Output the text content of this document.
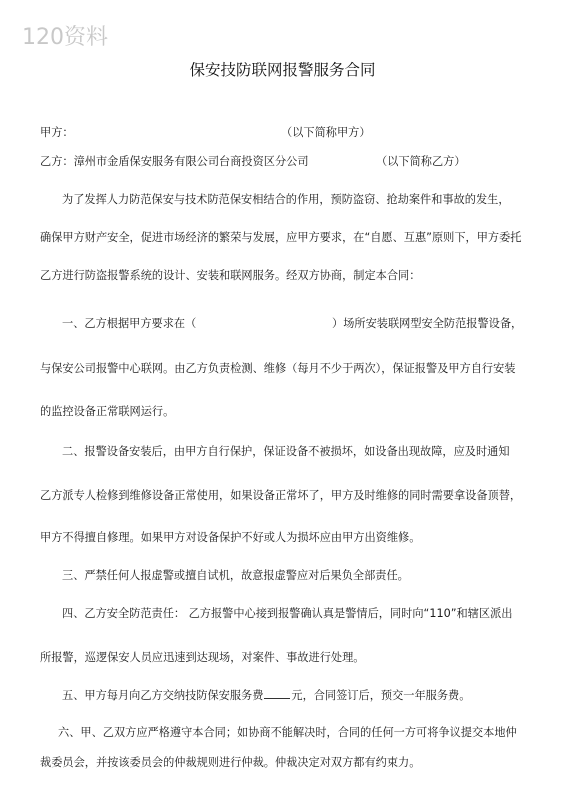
120资料
保安技防联网报警服务合同
甲方：	（以下简称甲方）
乙方：漳州市金盾保安服务有限公司台商投资区分公司	（以下简称乙方）
为了发挥人力防范保安与技术防范保安相结合的作用，预防盗窃、抢劫案件和事故的发生，
确保甲方财产安全，促进市场经济的繁荣与发展，应甲方要求，在“自愿、互惠”原则下，甲方委托
乙方进行防盗报警系统的设计、安装和联网服务。经双方协商，制定本合同：
一、乙方根据甲方要求在（	）场所安装联网型安全防范报警设备，
与保安公司报警中心联网。由乙方负责检测、维修（每月不少于两次），保证报警及甲方自行安装
的监控设备正常联网运行。
二、报警设备安装后，由甲方自行保护，保证设备不被损坏，如设备出现故障，应及时通知
乙方派专人检修到维修设备正常使用，如果设备正常坏了，甲方及时维修的同时需要拿设备顶替，
甲方不得擅自修理。如果甲方对设备保护不好或人为损坏应由甲方出资维修。
三、严禁任何人报虚警或擅自试机，故意报虚警应对后果负全部责任。
四、乙方安全防范责任： 乙方报警中心接到报警确认真是警情后，同时向“110”和辖区派出
所报警，巡逻保安人员应迅速到达现场，对案件、事故进行处理。
五、甲方每月向乙方交纳技防保安服务费	元，合同签订后，预交一年服务费。
六、甲、乙双方应严格遵守本合同；如协商不能解决时，合同的任何一方可将争议提交本地仲
裁委员会，并按该委员会的仲裁规则进行仲裁。仲裁决定对双方都有约束力。
